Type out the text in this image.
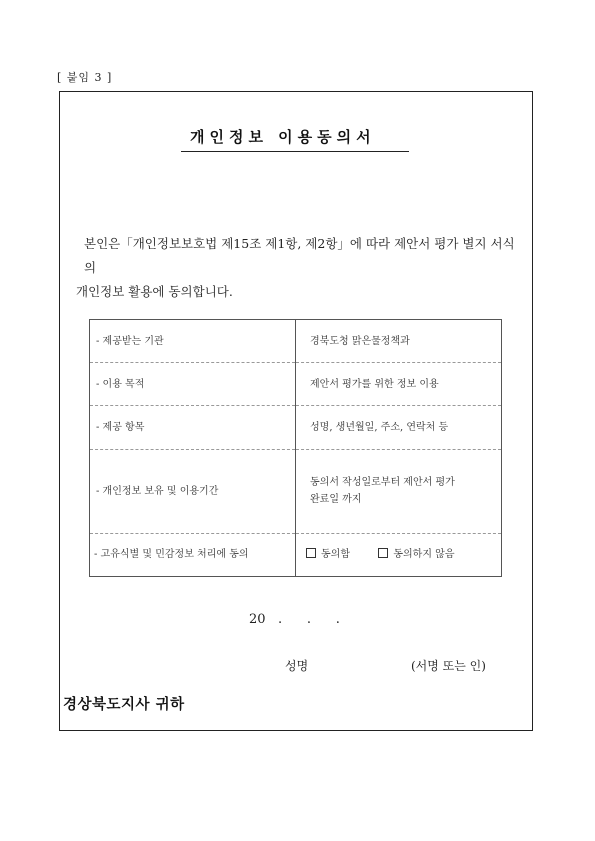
[ 붙임 3 ]
개인정보 이용동의서
본인은「개인정보보호법 제15조 제1항, 제2항」에 따라 제안서 평가 별지 서식의
개인정보 활용에 동의합니다.
- 제공받는 기관	경북도청 맑은물정책과
- 이용 목적	제안서 평가를 위한 정보 이용
- 제공 항목	성명, 생년월일, 주소, 연락처 등
- 개인정보 보유 및 이용기간	동의서 작성일로부터 제안서 평가
완료일 까지

- 고유식별 및 민감정보 처리에 동의	동의함 동의하지 않음
20   .      .      .
성명	(서명 또는 인)
경상북도지사 귀하
